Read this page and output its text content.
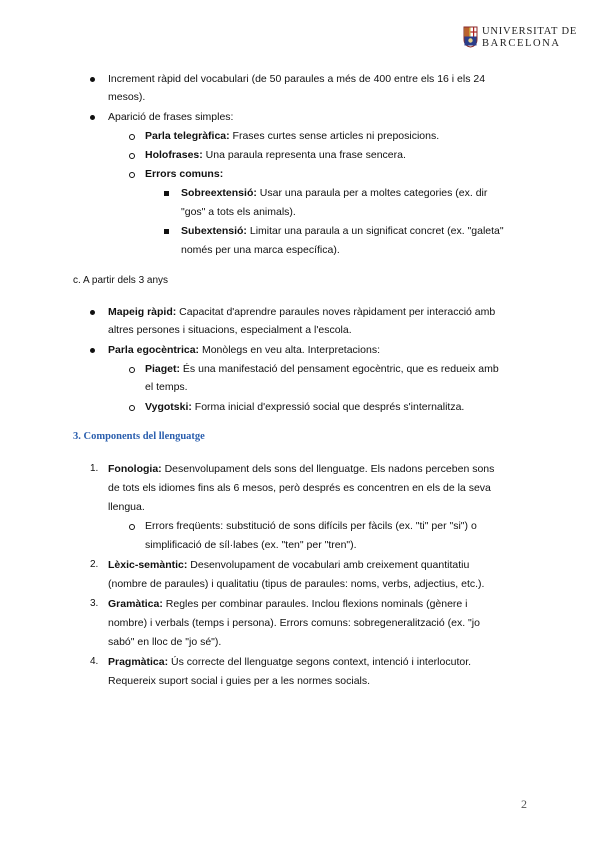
UNIVERSITAT DE
BARCELONA
Increment ràpid del vocabulari (de 50 paraules a més de 400 entre els 16 i els 24
mesos).
Aparició de frases simples:
Parla telegràfica: Frases curtes sense articles ni preposicions.
Holofrases: Una paraula representa una frase sencera.
Errors comuns:
Sobreextensió: Usar una paraula per a moltes categories (ex. dir
"gos" a tots els animals).
Subextensió: Limitar una paraula a un significat concret (ex. "galeta"
només per una marca específica).
c. A partir dels 3 anys
Mapeig ràpid: Capacitat d'aprendre paraules noves ràpidament per interacció amb
altres persones i situacions, especialment a l'escola.
Parla egocèntrica: Monòlegs en veu alta. Interpretacions:
Piaget: És una manifestació del pensament egocèntric, que es redueix amb
el temps.
Vygotski: Forma inicial d'expressió social que després s'internalitza.
3. Components del llenguatge
1. Fonologia: Desenvolupament dels sons del llenguatge. Els nadons perceben sons
de tots els idiomes fins als 6 mesos, però després es concentren en els de la seva
llengua.
Errors freqüents: substitució de sons difícils per fàcils (ex. "ti" per "si") o
simplificació de síl·labes (ex. "ten" per "tren").
2. Lèxic-semàntic: Desenvolupament de vocabulari amb creixement quantitatiu
(nombre de paraules) i qualitatiu (tipus de paraules: noms, verbs, adjectius, etc.).
3. Gramàtica: Regles per combinar paraules. Inclou flexions nominals (gènere i
nombre) i verbals (temps i persona). Errors comuns: sobregeneralització (ex. "jo
sabó" en lloc de "jo sé").
4. Pragmàtica: Ús correcte del llenguatge segons context, intenció i interlocutor.
Requereix suport social i guies per a les normes socials.
2
